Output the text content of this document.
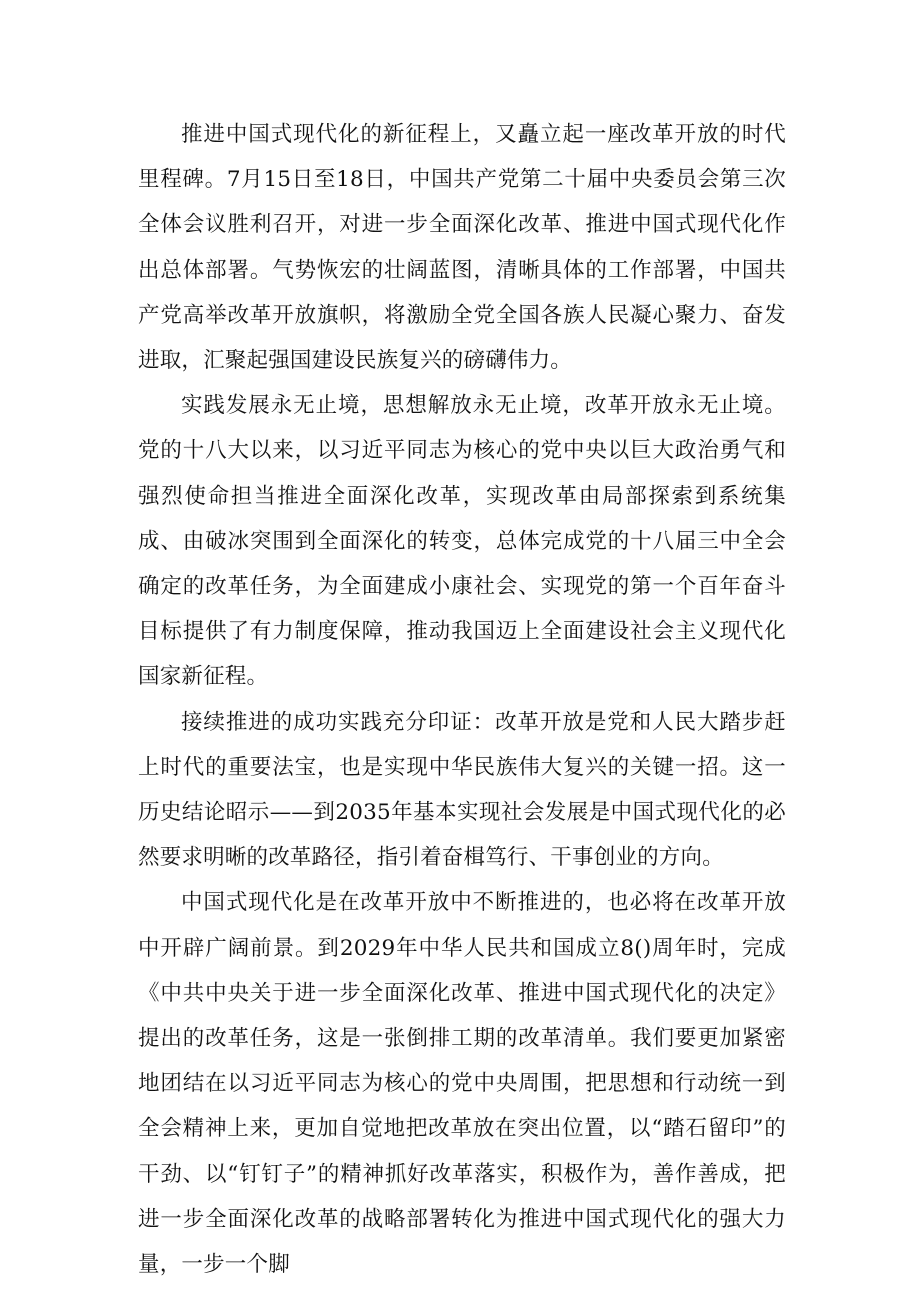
推进中国式现代化的新征程上，又矗立起一座改革开放的时代里程碑。7月15日至18日，中国共产党第二十届中央委员会第三次全体会议胜利召开，对进一步全面深化改革、推进中国式现代化作出总体部署。气势恢宏的壮阔蓝图，清晰具体的工作部署，中国共产党高举改革开放旗帜，将激励全党全国各族人民凝心聚力、奋发进取，汇聚起强国建设民族复兴的磅礴伟力。

实践发展永无止境，思想解放永无止境，改革开放永无止境。党的十八大以来，以习近平同志为核心的党中央以巨大政治勇气和强烈使命担当推进全面深化改革，实现改革由局部探索到系统集成、由破冰突围到全面深化的转变，总体完成党的十八届三中全会确定的改革任务，为全面建成小康社会、实现党的第一个百年奋斗目标提供了有力制度保障，推动我国迈上全面建设社会主义现代化国家新征程。

接续推进的成功实践充分印证：改革开放是党和人民大踏步赶上时代的重要法宝，也是实现中华民族伟大复兴的关键一招。这一历史结论昭示——到2035年基本实现社会发展是中国式现代化的必然要求明晰的改革路径，指引着奋楫笃行、干事创业的方向。

中国式现代化是在改革开放中不断推进的，也必将在改革开放中开辟广阔前景。到2029年中华人民共和国成立8()周年时，完成《中共中央关于进一步全面深化改革、推进中国式现代化的决定》提出的改革任务，这是一张倒排工期的改革清单。我们要更加紧密地团结在以习近平同志为核心的党中央周围，把思想和行动统一到全会精神上来，更加自觉地把改革放在突出位置，以“踏石留印”的干劲、以“钉钉子”的精神抓好改革落实，积极作为，善作善成，把进一步全面深化改革的战略部署转化为推进中国式现代化的强大力量，一步一个脚
